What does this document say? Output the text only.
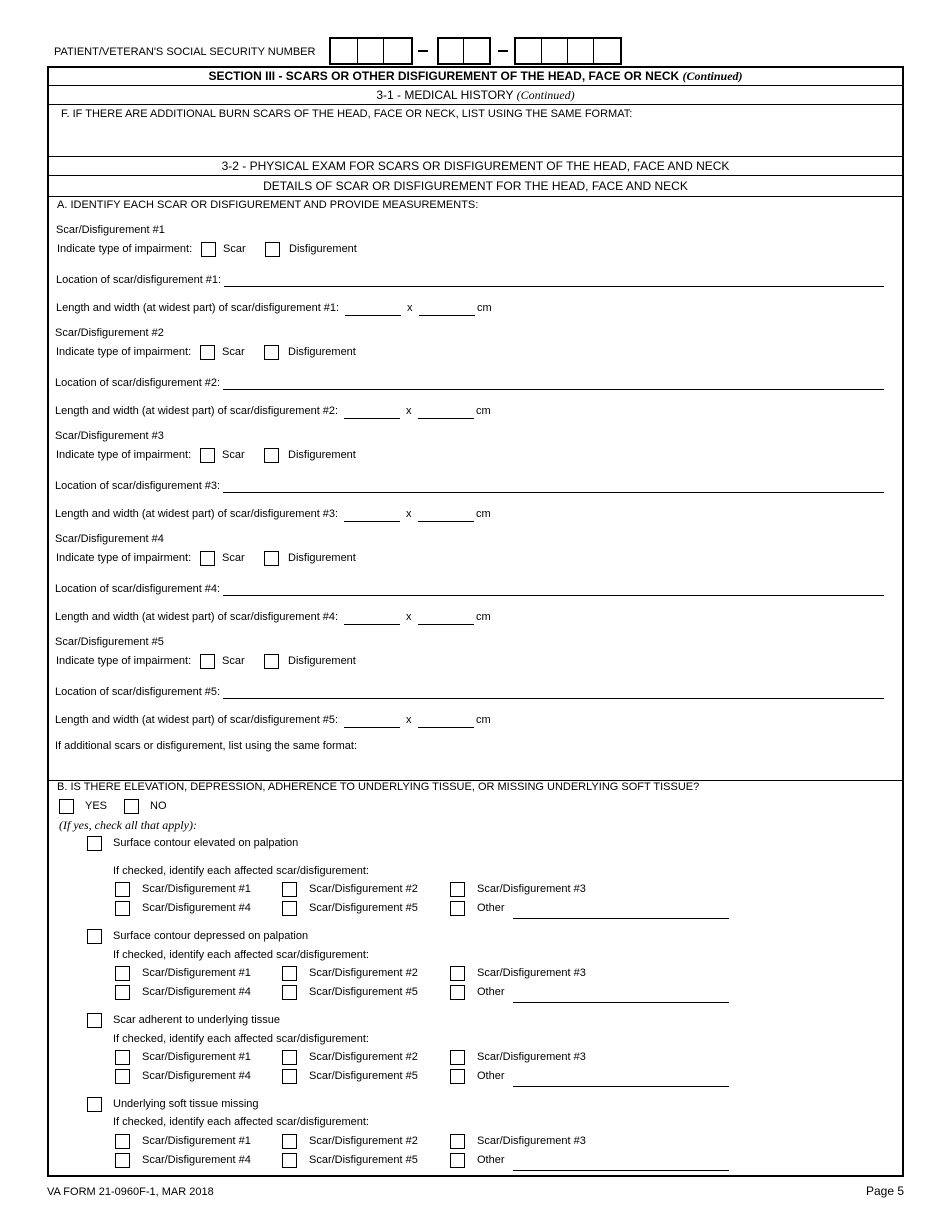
PATIENT/VETERAN'S SOCIAL SECURITY NUMBER
SECTION III - SCARS OR OTHER DISFIGUREMENT OF THE HEAD, FACE OR NECK (Continued)
3-1 - MEDICAL HISTORY (Continued)
F. IF THERE ARE ADDITIONAL BURN SCARS OF THE HEAD, FACE OR NECK, LIST USING THE SAME FORMAT:
3-2 - PHYSICAL EXAM FOR SCARS OR DISFIGUREMENT OF THE HEAD, FACE AND NECK
DETAILS OF SCAR OR DISFIGUREMENT FOR THE HEAD, FACE AND NECK
A. IDENTIFY EACH SCAR OR DISFIGUREMENT AND PROVIDE MEASUREMENTS:
Scar/Disfigurement #1
Indicate type of impairment:	Scar	Disfigurement
Location of scar/disfigurement #1:
Length and width (at widest part) of scar/disfigurement #1:	x	cm
Scar/Disfigurement #2
Indicate type of impairment:	Scar	Disfigurement
Location of scar/disfigurement #2:
Length and width (at widest part) of scar/disfigurement #2:	x	cm
Scar/Disfigurement #3
Indicate type of impairment:	Scar	Disfigurement
Location of scar/disfigurement #3:
Length and width (at widest part) of scar/disfigurement #3:	x	cm
Scar/Disfigurement #4
Indicate type of impairment:	Scar	Disfigurement
Location of scar/disfigurement #4:
Length and width (at widest part) of scar/disfigurement #4:	x	cm
Scar/Disfigurement #5
Indicate type of impairment:	Scar	Disfigurement
Location of scar/disfigurement #5:
Length and width (at widest part) of scar/disfigurement #5:	x	cm
If additional scars or disfigurement, list using the same format:
B. IS THERE ELEVATION, DEPRESSION, ADHERENCE TO UNDERLYING TISSUE, OR MISSING UNDERLYING SOFT TISSUE?
YES	NO
(If yes, check all that apply):
Surface contour elevated on palpation
If checked, identify each affected scar/disfigurement:
Scar/Disfigurement #1	Scar/Disfigurement #2	Scar/Disfigurement #3
Scar/Disfigurement #4	Scar/Disfigurement #5	Other
Surface contour depressed on palpation
If checked, identify each affected scar/disfigurement:
Scar/Disfigurement #1	Scar/Disfigurement #2	Scar/Disfigurement #3
Scar/Disfigurement #4	Scar/Disfigurement #5	Other
Scar adherent to underlying tissue
If checked, identify each affected scar/disfigurement:
Scar/Disfigurement #1	Scar/Disfigurement #2	Scar/Disfigurement #3
Scar/Disfigurement #4	Scar/Disfigurement #5	Other
Underlying soft tissue missing
If checked, identify each affected scar/disfigurement:
Scar/Disfigurement #1	Scar/Disfigurement #2	Scar/Disfigurement #3
Scar/Disfigurement #4	Scar/Disfigurement #5	Other
VA FORM 21-0960F-1, MAR 2018	Page 5
